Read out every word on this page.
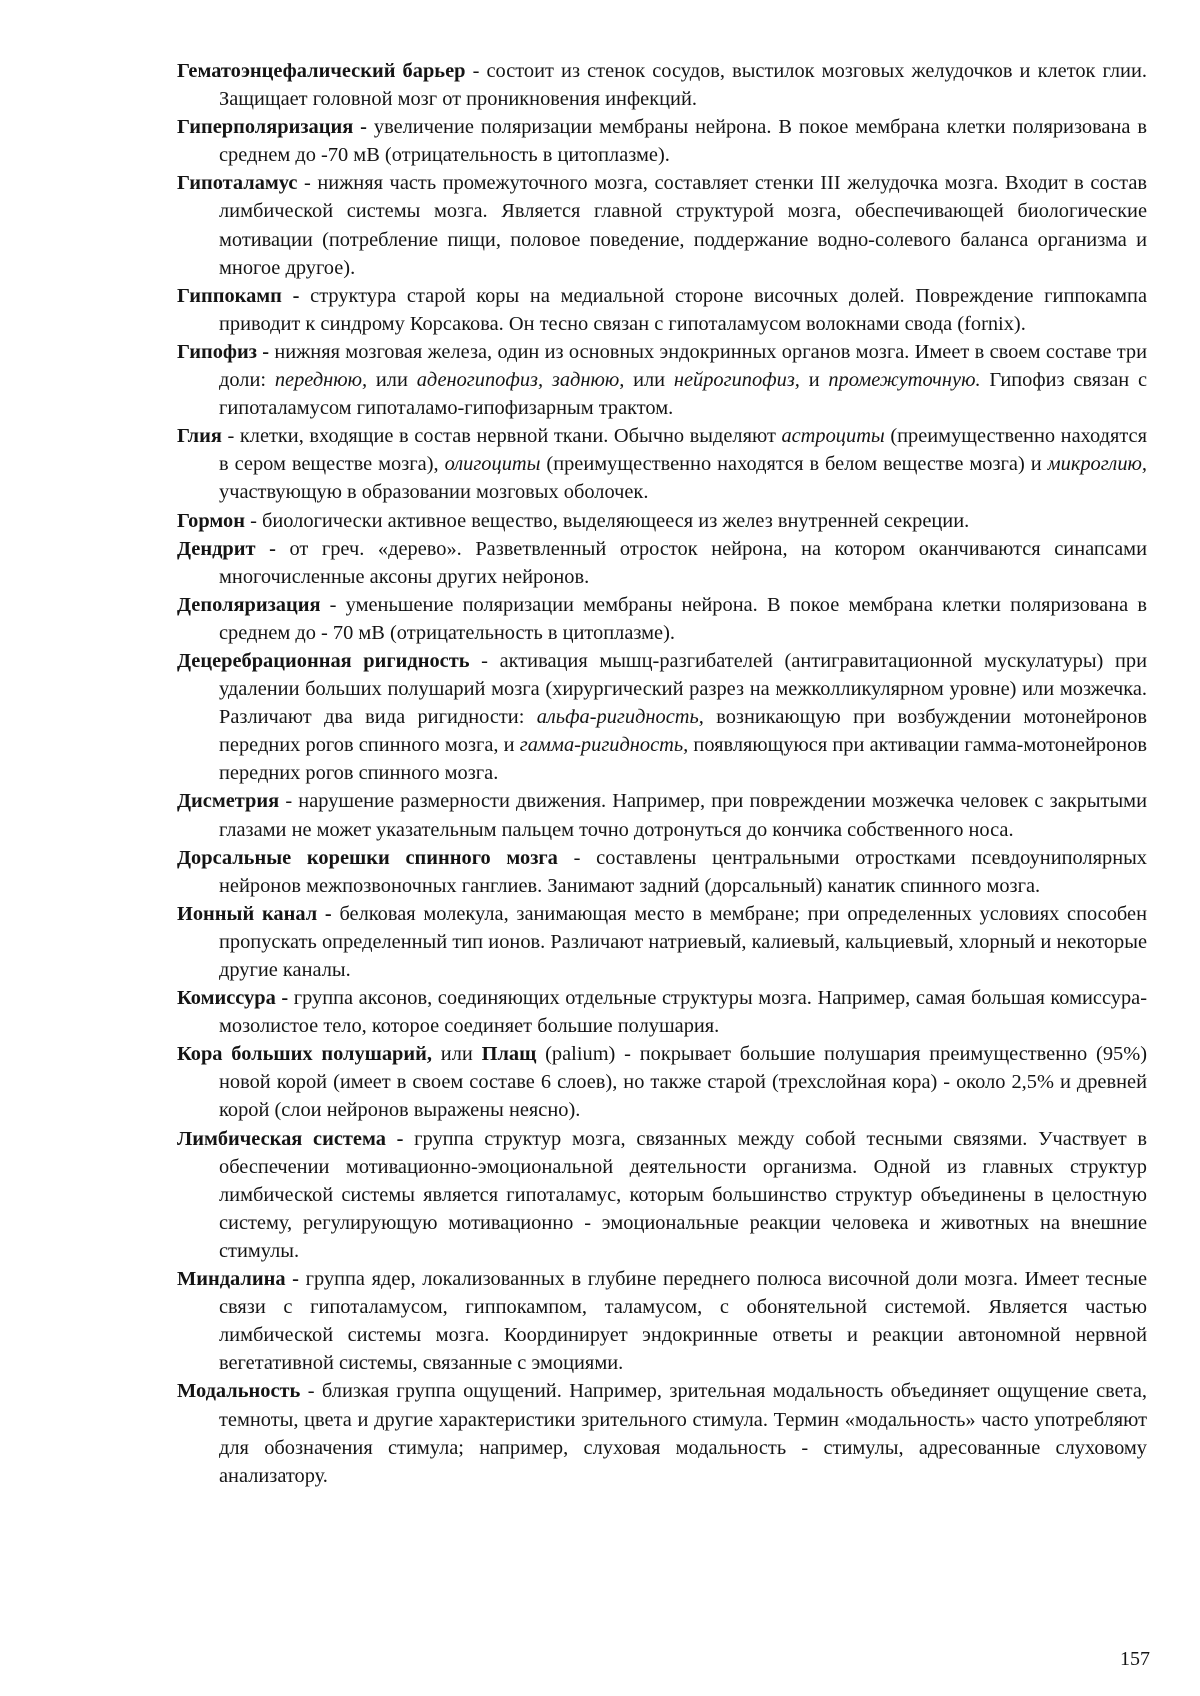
Гематоэнцефалический барьер - состоит из стенок сосудов, выстилок мозговых желудочков и клеток глии. Защищает головной мозг от проникновения инфекций.

Гиперполяризация - увеличение поляризации мембраны нейрона. В покое мембрана клетки поляризована в среднем до -70 мВ (отрицательность в цитоплазме).

Гипоталамус - нижняя часть промежуточного мозга, составляет стенки III желудочка мозга. Входит в состав лимбической системы мозга. Является главной структурой мозга, обеспечивающей биологические мотивации (потребление пищи, половое поведение, поддержание водно-солевого баланса организма и многое другое).

Гиппокамп - структура старой коры на медиальной стороне височных долей. Повреждение гиппокампа приводит к синдрому Корсакова. Он тесно связан с гипоталамусом волокнами свода (fornix).

Гипофиз - нижняя мозговая железа, один из основных эндокринных органов мозга. Имеет в своем составе три доли: переднюю, или аденогипофиз, заднюю, или нейрогипофиз, и промежуточную. Гипофиз связан с гипоталамусом гипоталамо-гипофизарным трактом.

Глия - клетки, входящие в состав нервной ткани. Обычно выделяют астроциты (преимущественно находятся в сером веществе мозга), олигоциты (преимущественно находятся в белом веществе мозга) и микроглию, участвующую в образовании мозговых оболочек.

Гормон - биологически активное вещество, выделяющееся из желез внутренней секреции.

Дендрит - от греч. «дерево». Разветвленный отросток нейрона, на котором оканчиваются синапсами многочисленные аксоны других нейронов.

Деполяризация - уменьшение поляризации мембраны нейрона. В покое мембрана клетки поляризована в среднем до - 70 мВ (отрицательность в цитоплазме).

Децеребрационная ригидность - активация мышц-разгибателей (антигравитационной мускулатуры) при удалении больших полушарий мозга (хирургический разрез на межколликулярном уровне) или мозжечка. Различают два вида ригидности: альфа-ригидность, возникающую при возбуждении мотонейронов передних рогов спинного мозга, и гамма-ригидность, появляющуюся при активации гамма-мотонейронов передних рогов спинного мозга.

Дисметрия - нарушение размерности движения. Например, при повреждении мозжечка человек с закрытыми глазами не может указательным пальцем точно дотронуться до кончика собственного носа.

Дорсальные корешки спинного мозга - составлены центральными отростками псевдоуниполярных нейронов межпозвоночных ганглиев. Занимают задний (дорсальный) канатик спинного мозга.

Ионный канал - белковая молекула, занимающая место в мембране; при определенных условиях способен пропускать определенный тип ионов. Различают натриевый, калиевый, кальциевый, хлорный и некоторые другие каналы.

Комиссура - группа аксонов, соединяющих отдельные структуры мозга. Например, самая большая комиссура-мозолистое тело, которое соединяет большие полушария.

Кора больших полушарий, или Плащ (palium) - покрывает большие полушария преимущественно (95%) новой корой (имеет в своем составе 6 слоев), но также старой (трехслойная кора) - около 2,5% и древней корой (слои нейронов выражены неясно).

Лимбическая система - группа структур мозга, связанных между собой тесными связями. Участвует в обеспечении мотивационно-эмоциональной деятельности организма. Одной из главных структур лимбической системы является гипоталамус, которым большинство структур объединены в целостную систему, регулирующую мотивационно - эмоциональные реакции человека и животных на внешние стимулы.

Миндалина - группа ядер, локализованных в глубине переднего полюса височной доли мозга. Имеет тесные связи с гипоталамусом, гиппокампом, таламусом, с обонятельной системой. Является частью лимбической системы мозга. Координирует эндокринные ответы и реакции автономной нервной вегетативной системы, связанные с эмоциями.

Модальность - близкая группа ощущений. Например, зрительная модальность объединяет ощущение света, темноты, цвета и другие характеристики зрительного стимула. Термин «модальность» часто употребляют для обозначения стимула; например, слуховая модальность - стимулы, адресованные слуховому анализатору.

157
